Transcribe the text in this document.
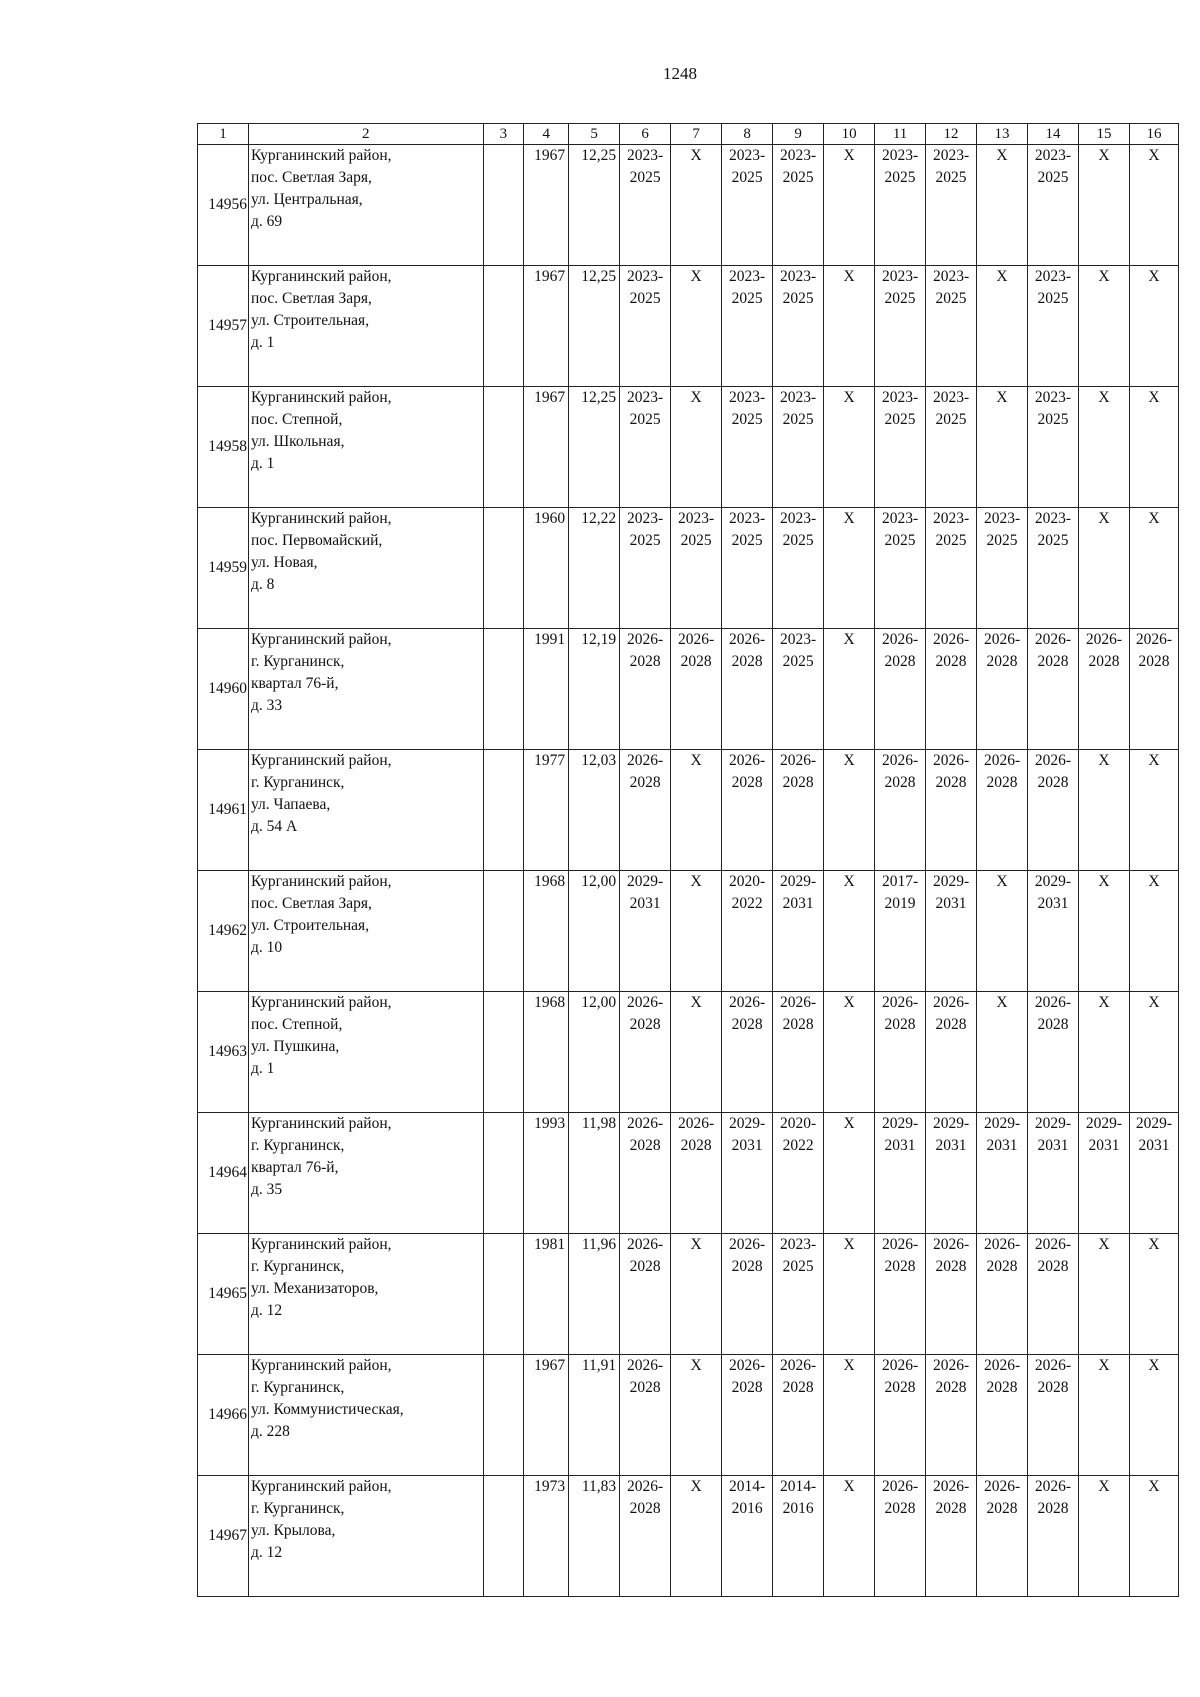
1248
1	2	3	4	5	6	7	8	9	10	11	12	13	14	15	16
14956	Курганинский район,
пос. Светлая Заря,
ул. Центральная,
д. 69		1967	12,25	2023-
2025	X	2023-
2025	2023-
2025	X	2023-
2025	2023-
2025	X	2023-
2025	X	X

14957	Курганинский район,
пос. Светлая Заря,
ул. Строительная,
д. 1		1967	12,25	2023-
2025	X	2023-
2025	2023-
2025	X	2023-
2025	2023-
2025	X	2023-
2025	X	X

14958	Курганинский район,
пос. Степной,
ул. Школьная,
д. 1		1967	12,25	2023-
2025	X	2023-
2025	2023-
2025	X	2023-
2025	2023-
2025	X	2023-
2025	X	X

14959	Курганинский район,
пос. Первомайский,
ул. Новая,
д. 8		1960	12,22	2023-
2025	2023-
2025	2023-
2025	2023-
2025	X	2023-
2025	2023-
2025	2023-
2025	2023-
2025	X	X

14960	Курганинский район,
г. Курганинск,
квартал 76-й,
д. 33		1991	12,19	2026-
2028	2026-
2028	2026-
2028	2023-
2025	X	2026-
2028	2026-
2028	2026-
2028	2026-
2028	2026-
2028	2026-
2028

14961	Курганинский район,
г. Курганинск,
ул. Чапаева,
д. 54 А		1977	12,03	2026-
2028	X	2026-
2028	2026-
2028	X	2026-
2028	2026-
2028	2026-
2028	2026-
2028	X	X

14962	Курганинский район,
пос. Светлая Заря,
ул. Строительная,
д. 10		1968	12,00	2029-
2031	X	2020-
2022	2029-
2031	X	2017-
2019	2029-
2031	X	2029-
2031	X	X

14963	Курганинский район,
пос. Степной,
ул. Пушкина,
д. 1		1968	12,00	2026-
2028	X	2026-
2028	2026-
2028	X	2026-
2028	2026-
2028	X	2026-
2028	X	X

14964	Курганинский район,
г. Курганинск,
квартал 76-й,
д. 35		1993	11,98	2026-
2028	2026-
2028	2029-
2031	2020-
2022	X	2029-
2031	2029-
2031	2029-
2031	2029-
2031	2029-
2031	2029-
2031

14965	Курганинский район,
г. Курганинск,
ул. Механизаторов,
д. 12		1981	11,96	2026-
2028	X	2026-
2028	2023-
2025	X	2026-
2028	2026-
2028	2026-
2028	2026-
2028	X	X

14966	Курганинский район,
г. Курганинск,
ул. Коммунистическая,
д. 228		1967	11,91	2026-
2028	X	2026-
2028	2026-
2028	X	2026-
2028	2026-
2028	2026-
2028	2026-
2028	X	X

14967	Курганинский район,
г. Курганинск,
ул. Крылова,
д. 12		1973	11,83	2026-
2028	X	2014-
2016	2014-
2016	X	2026-
2028	2026-
2028	2026-
2028	2026-
2028	X	X
